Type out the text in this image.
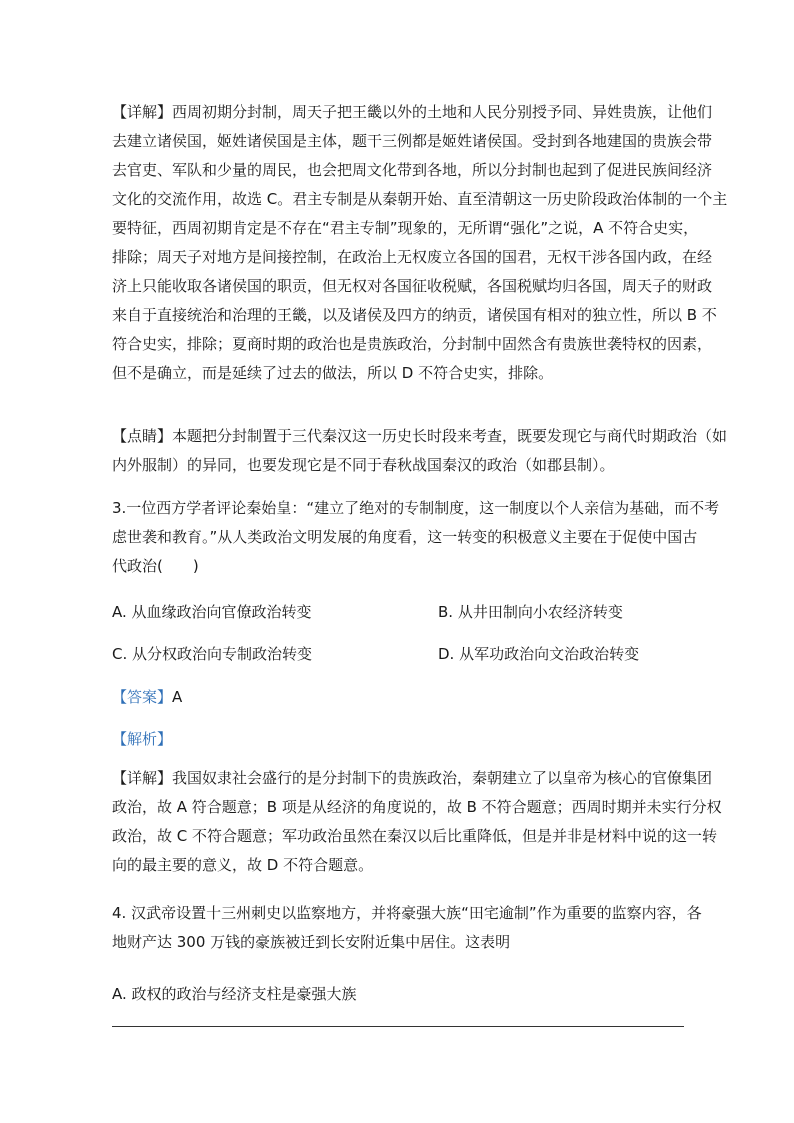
【详解】西周初期分封制，周天子把王畿以外的土地和人民分别授予同、异姓贵族，让他们
去建立诸侯国，姬姓诸侯国是主体，题干三例都是姬姓诸侯国。受封到各地建国的贵族会带
去官吏、军队和少量的周民，也会把周文化带到各地，所以分封制也起到了促进民族间经济
文化的交流作用，故选 C。君主专制是从秦朝开始、直至清朝这一历史阶段政治体制的一个主
要特征，西周初期肯定是不存在“君主专制”现象的，无所谓“强化”之说，A 不符合史实，
排除；周天子对地方是间接控制，在政治上无权废立各国的国君，无权干涉各国内政，在经
济上只能收取各诸侯国的职贡，但无权对各国征收税赋，各国税赋均归各国，周天子的财政
来自于直接统治和治理的王畿，以及诸侯及四方的纳贡，诸侯国有相对的独立性，所以 B 不
符合史实，排除；夏商时期的政治也是贵族政治，分封制中固然含有贵族世袭特权的因素，
但不是确立，而是延续了过去的做法，所以 D 不符合史实，排除。

【点睛】本题把分封制置于三代秦汉这一历史长时段来考查，既要发现它与商代时期政治（如
内外服制）的异同，也要发现它是不同于春秋战国秦汉的政治（如郡县制）。

3.一位西方学者评论秦始皇：“建立了绝对的专制制度，这一制度以个人亲信为基础，而不考
虑世袭和教育。”从人类政治文明发展的角度看，这一转变的积极意义主要在于促使中国古
代政治(　　)

A. 从血缘政治向官僚政治转变	B. 从井田制向小农经济转变
C. 从分权政治向专制政治转变	D. 从军功政治向文治政治转变
【答案】A
【解析】

【详解】我国奴隶社会盛行的是分封制下的贵族政治，秦朝建立了以皇帝为核心的官僚集团
政治，故 A 符合题意；B 项是从经济的角度说的，故 B 不符合题意；西周时期并未实行分权
政治，故 C 不符合题意；军功政治虽然在秦汉以后比重降低，但是并非是材料中说的这一转
向的最主要的意义，故 D 不符合题意。

4. 汉武帝设置十三州刺史以监察地方，并将豪强大族“田宅逾制”作为重要的监察内容，各
地财产达 300 万钱的豪族被迁到长安附近集中居住。这表明

A. 政权的政治与经济支柱是豪强大族
